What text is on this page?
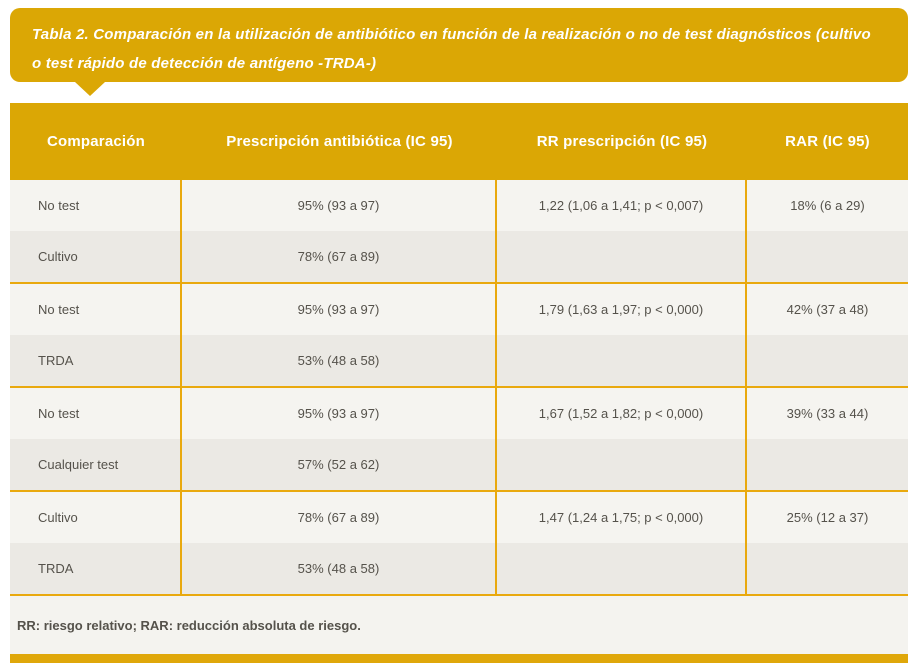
Tabla 2. Comparación en la utilización de antibiótico en función de la realización o no de test diagnósticos (cultivo o test rápido de detección de antígeno -TRDA-)
Comparación	Prescripción antibiótica (IC 95)	RR prescripción (IC 95)	RAR (IC 95)
No test	95% (93 a 97)	1,22 (1,06 a 1,41; p < 0,007)	18% (6 a 29)
Cultivo	78% (67 a 89)
No test	95% (93 a 97)	1,79 (1,63 a 1,97; p < 0,000)	42% (37 a 48)
TRDA	53% (48 a 58)
No test	95% (93 a 97)	1,67 (1,52 a 1,82; p < 0,000)	39% (33 a 44)
Cualquier test	57% (52 a 62)
Cultivo	78% (67 a 89)	1,47 (1,24 a 1,75; p < 0,000)	25% (12 a 37)
TRDA	53% (48 a 58)
RR: riesgo relativo; RAR: reducción absoluta de riesgo.
